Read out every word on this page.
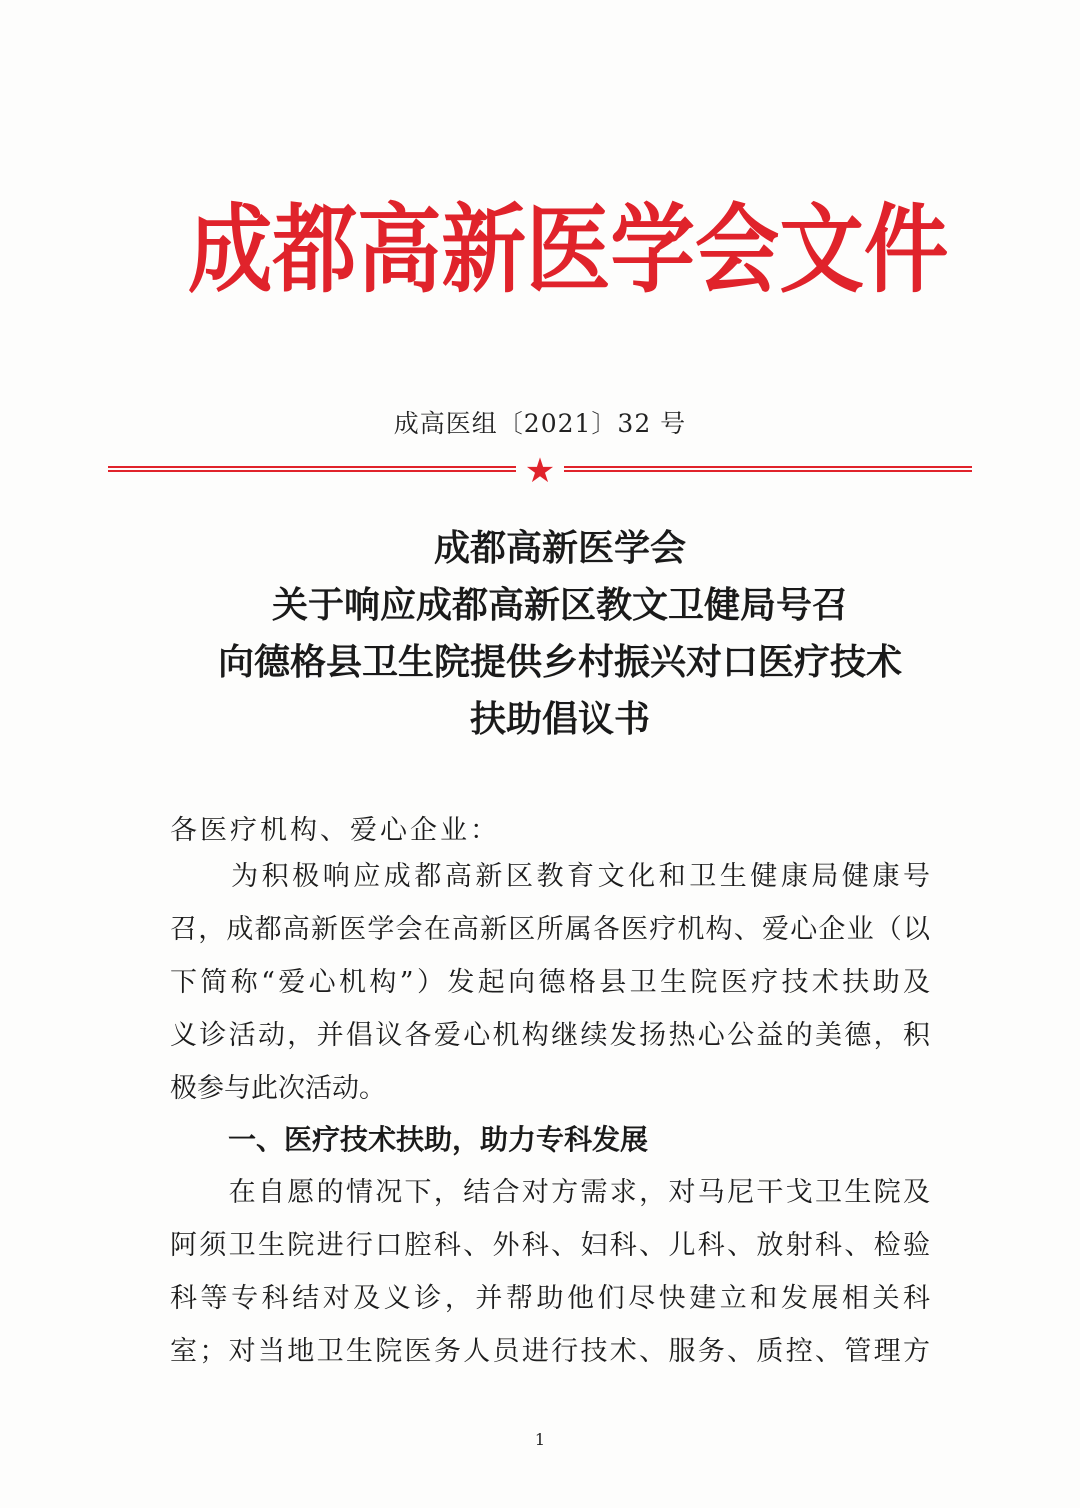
成都高新医学会文件
成高医组〔2021〕32 号
★
成都高新医学会
关于响应成都高新区教文卫健局号召
向德格县卫生院提供乡村振兴对口医疗技术
扶助倡议书
各医疗机构、爱心企业：
　　为积极响应成都高新区教育文化和卫生健康局健康号
召，成都高新医学会在高新区所属各医疗机构、爱心企业（以
下简称“爱心机构”）发起向德格县卫生院医疗技术扶助及
义诊活动，并倡议各爱心机构继续发扬热心公益的美德，积
极参与此次活动。
一、医疗技术扶助，助力专科发展
　　在自愿的情况下，结合对方需求，对马尼干戈卫生院及
阿须卫生院进行口腔科、外科、妇科、儿科、放射科、检验
科等专科结对及义诊，并帮助他们尽快建立和发展相关科
室；对当地卫生院医务人员进行技术、服务、质控、管理方
1
